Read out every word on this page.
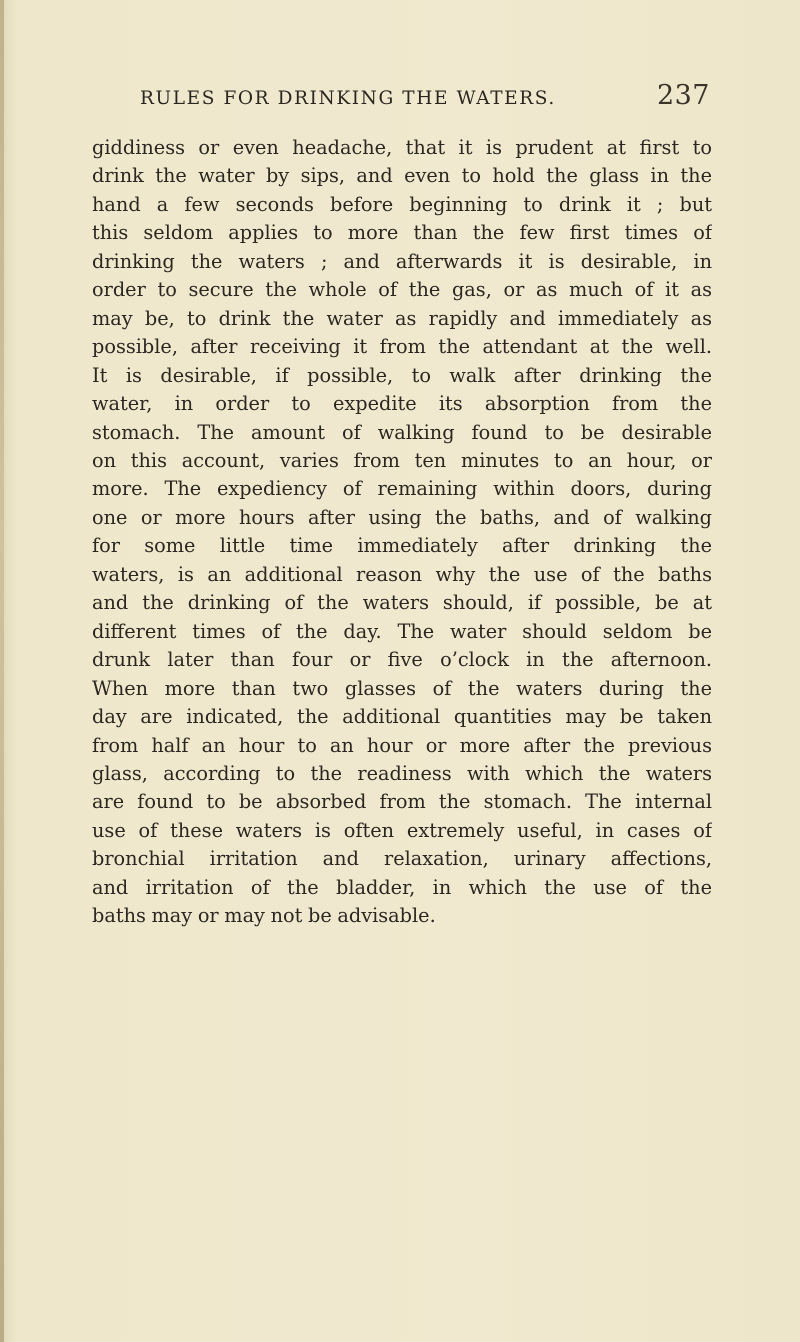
RULES FOR DRINKING THE WATERS.	237
giddiness or even headache, that it is prudent at first to
drink the water by sips, and even to hold the glass in the
hand a few seconds before beginning to drink it ; but
this seldom applies to more than the few first times of
drinking the waters ; and afterwards it is desirable, in
order to secure the whole of the gas, or as much of it as
may be, to drink the water as rapidly and immediately as
possible, after receiving it from the attendant at the well.
It is desirable, if possible, to walk after drinking the
water, in order to expedite its absorption from the
stomach. The amount of walking found to be desirable
on this account, varies from ten minutes to an hour, or
more. The expediency of remaining within doors, during
one or more hours after using the baths, and of walking
for some little time immediately after drinking the
waters, is an additional reason why the use of the baths
and the drinking of the waters should, if possible, be at
different times of the day. The water should seldom be
drunk later than four or five o’clock in the afternoon.
When more than two glasses of the waters during the
day are indicated, the additional quantities may be taken
from half an hour to an hour or more after the previous
glass, according to the readiness with which the waters
are found to be absorbed from the stomach. The internal
use of these waters is often extremely useful, in cases of
bronchial irritation and relaxation, urinary affections,
and irritation of the bladder, in which the use of the
baths may or may not be advisable.
